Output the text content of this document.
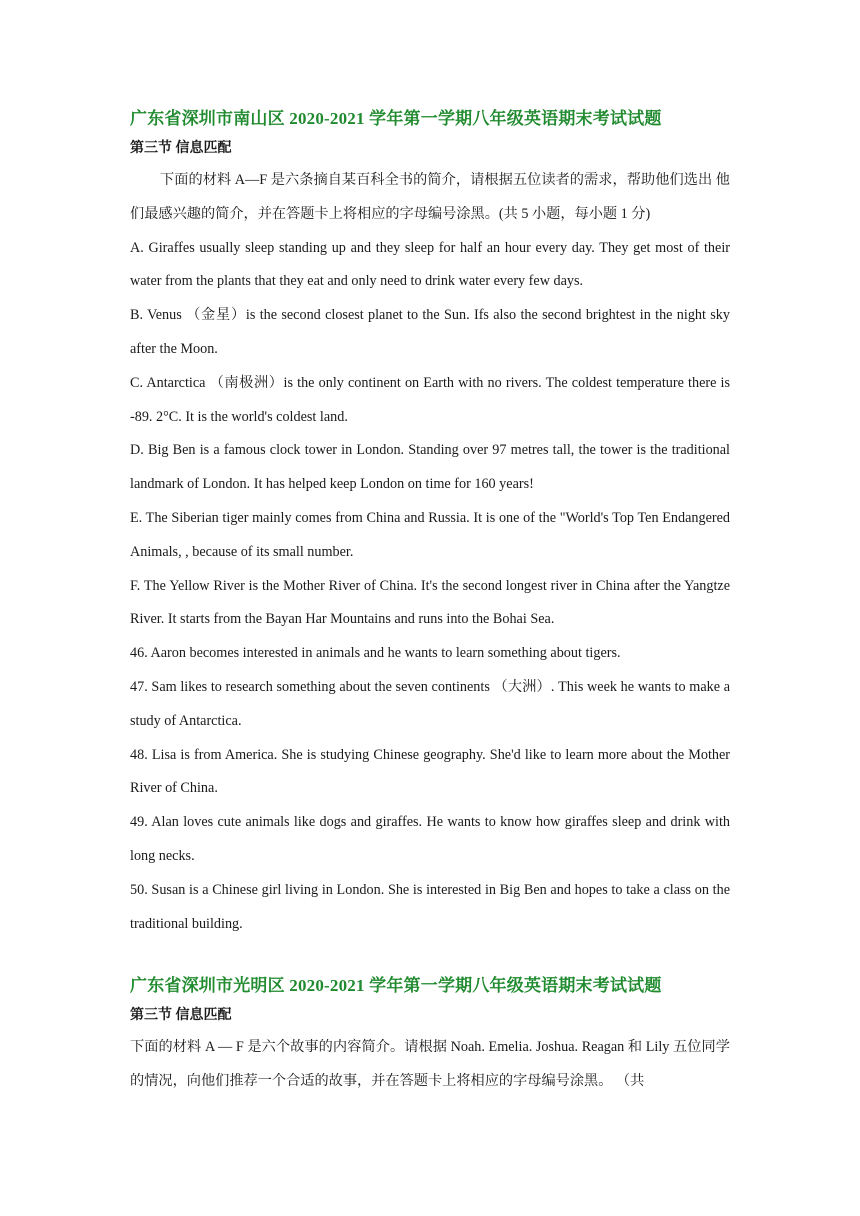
广东省深圳市南山区 2020-2021 学年第一学期八年级英语期末考试试题
第三节 信息匹配

下面的材料 A—F 是六条摘自某百科全书的简介，请根据五位读者的需求，帮助他们选出 他们最感兴趣的简介，并在答题卡上将相应的字母编号涂黑。(共 5 小题，每小题 1 分)

A. Giraffes usually sleep standing up and they sleep for half an hour every day. They get most of their water from the plants that they eat and only need to drink water every few days.

B. Venus （金星）is the second closest planet to the Sun. Ifs also the second brightest in the night sky after the Moon.

C. Antarctica （南极洲）is the only continent on Earth with no rivers. The coldest temperature there is -89. 2°C. It is the world's coldest land.

D. Big Ben is a famous clock tower in London. Standing over 97 metres tall, the tower is the traditional landmark of London. It has helped keep London on time for 160 years!

E. The Siberian tiger mainly comes from China and Russia. It is one of the "World's Top Ten Endangered Animals, , because of its small number.

F. The Yellow River is the Mother River of China. It's the second longest river in China after the Yangtze River. It starts from the Bayan Har Mountains and runs into the Bohai Sea.

46. Aaron becomes interested in animals and he wants to learn something about tigers.

47. Sam likes to research something about the seven continents （大洲）. This week he wants to make a study of Antarctica.

48. Lisa is from America. She is studying Chinese geography. She'd like to learn more about the Mother River of China.

49. Alan loves cute animals like dogs and giraffes. He wants to know how giraffes sleep and drink with long necks.

50. Susan is a Chinese girl living in London. She is interested in Big Ben and hopes to take a class on the traditional building.

广东省深圳市光明区 2020-2021 学年第一学期八年级英语期末考试试题
第三节 信息匹配

下面的材料 A — F 是六个故事的内容简介。请根据 Noah. Emelia. Joshua. Reagan 和 Lily 五位同学的情况，向他们推荐一个合适的故事，并在答题卡上将相应的字母编号涂黑。 （共
